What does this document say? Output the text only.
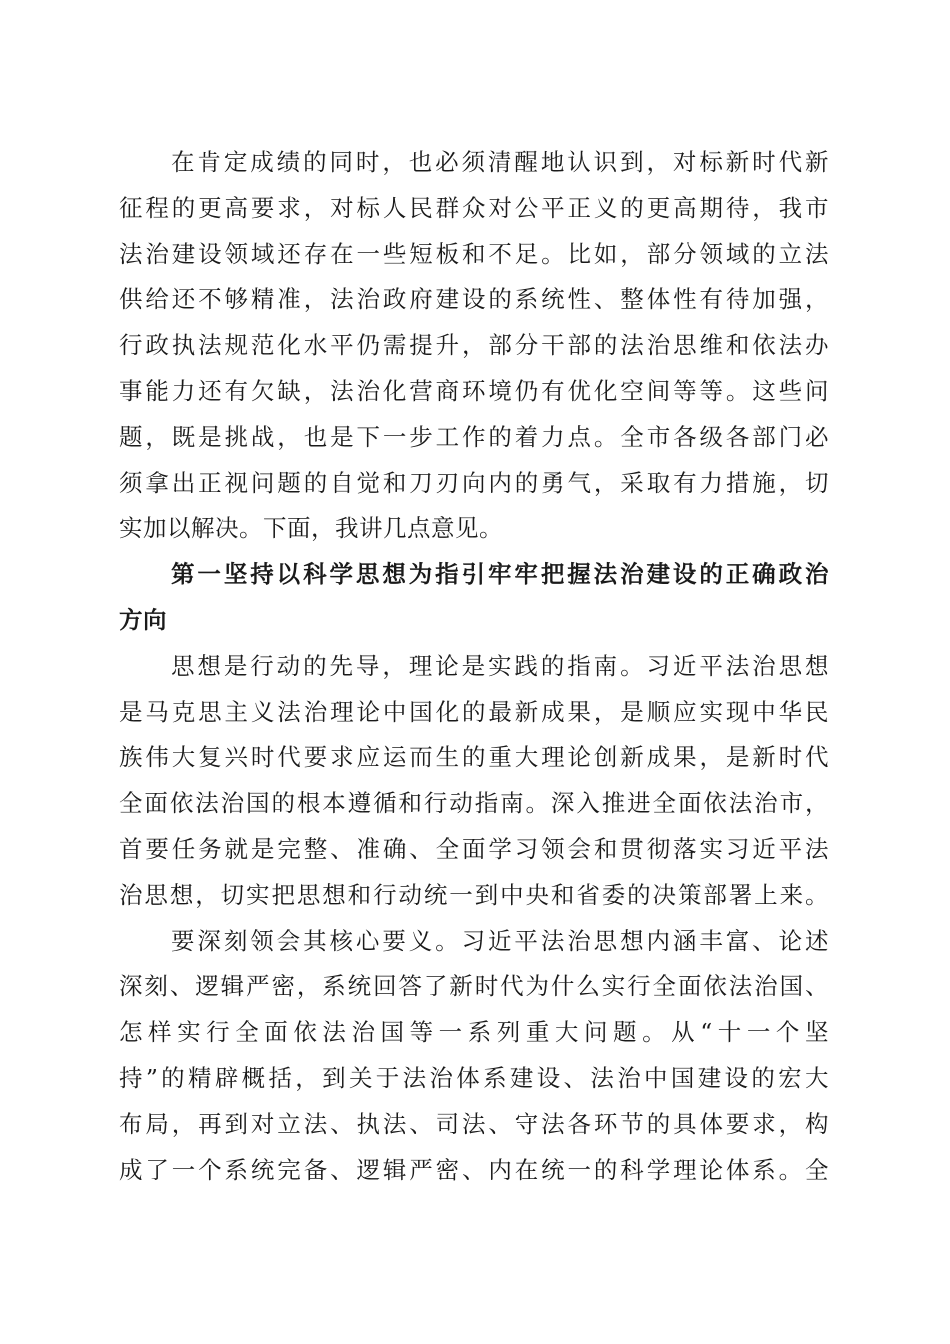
在肯定成绩的同时，也必须清醒地认识到，对标新时代新
征程的更高要求，对标人民群众对公平正义的更高期待，我市
法治建设领域还存在一些短板和不足。比如，部分领域的立法
供给还不够精准，法治政府建设的系统性、整体性有待加强，
行政执法规范化水平仍需提升，部分干部的法治思维和依法办
事能力还有欠缺，法治化营商环境仍有优化空间等等。这些问
题，既是挑战，也是下一步工作的着力点。全市各级各部门必
须拿出正视问题的自觉和刀刃向内的勇气，采取有力措施，切
实加以解决。下面，我讲几点意见。
第一坚持以科学思想为指引牢牢把握法治建设的正确政治
方向
思想是行动的先导，理论是实践的指南。习近平法治思想
是马克思主义法治理论中国化的最新成果，是顺应实现中华民
族伟大复兴时代要求应运而生的重大理论创新成果，是新时代
全面依法治国的根本遵循和行动指南。深入推进全面依法治市，
首要任务就是完整、准确、全面学习领会和贯彻落实习近平法
治思想，切实把思想和行动统一到中央和省委的决策部署上来。
要深刻领会其核心要义。习近平法治思想内涵丰富、论述
深刻、逻辑严密，系统回答了新时代为什么实行全面依法治国、
怎样实行全面依法治国等一系列重大问题。从“十一个坚
持”的精辟概括，到关于法治体系建设、法治中国建设的宏大
布局，再到对立法、执法、司法、守法各环节的具体要求，构
成了一个系统完备、逻辑严密、内在统一的科学理论体系。全
